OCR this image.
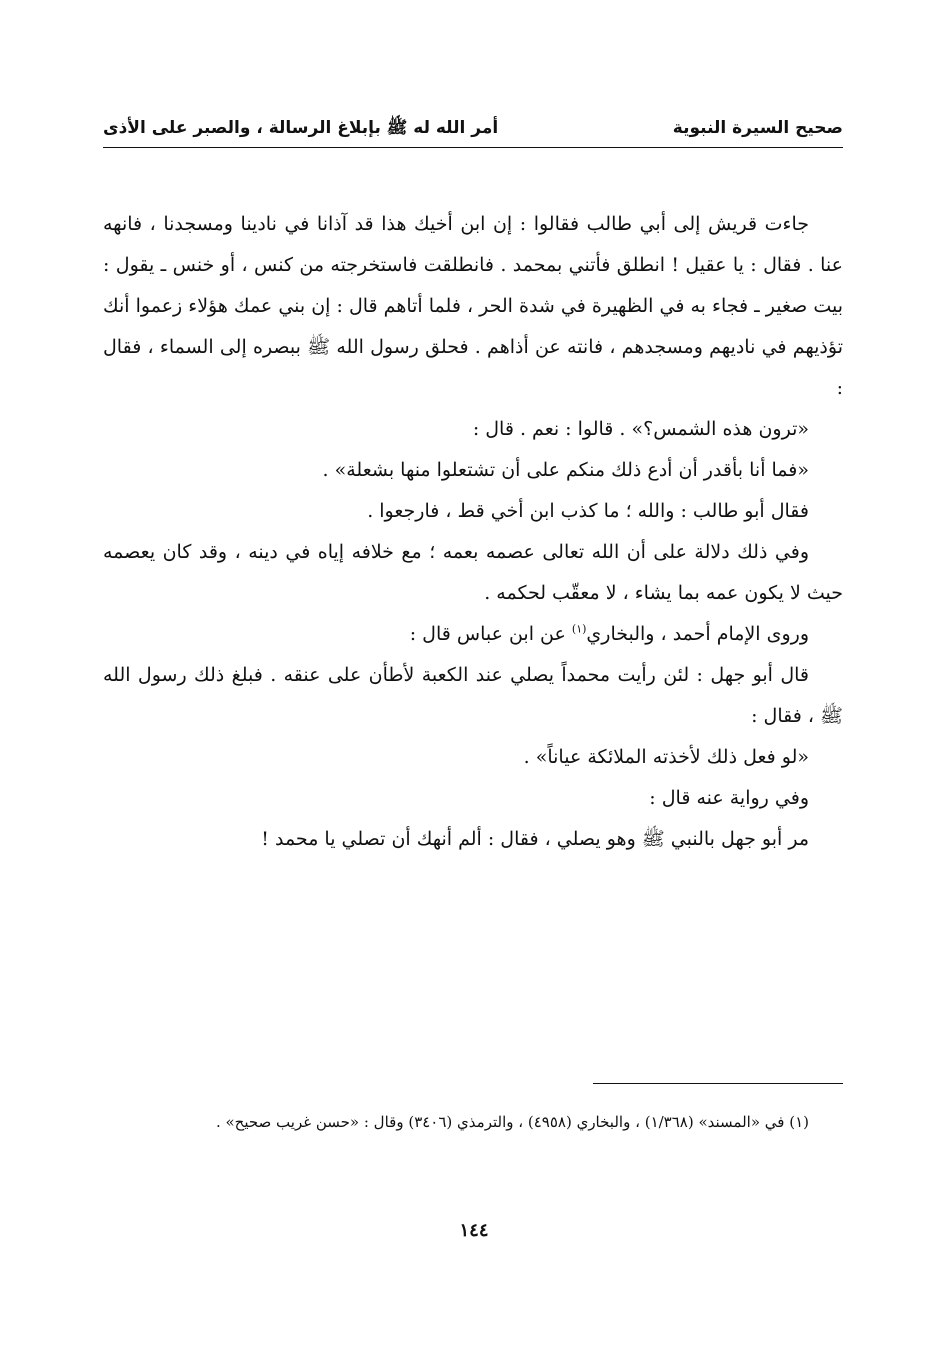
صحيح السيرة النبوية
أمر الله له ﷺ بإبلاغ الرسالة ، والصبر على الأذى

جاءت قريش إلى أبي طالب فقالوا : إن ابن أخيك هذا قد آذانا في نادينا ومسجدنا ، فانهه عنا . فقال : يا عقيل ! انطلق فأتني بمحمد . فانطلقت فاستخرجته من كنس ، أو خنس ـ يقول : بيت صغير ـ فجاء به في الظهيرة في شدة الحر ، فلما أتاهم قال : إن بني عمك هؤلاء زعموا أنك تؤذيهم في ناديهم ومسجدهم ، فانته عن أذاهم . فحلق رسول الله ﷺ ببصره إلى السماء ، فقال :

«ترون هذه الشمس؟» . قالوا : نعم . قال :

«فما أنا بأقدر أن أدع ذلك منكم على أن تشتعلوا منها بشعلة» .

فقال أبو طالب : والله ؛ ما كذب ابن أخي قط ، فارجعوا .

وفي ذلك دلالة على أن الله تعالى عصمه بعمه ؛ مع خلافه إياه في دينه ، وقد كان يعصمه حيث لا يكون عمه بما يشاء ، لا معقّب لحكمه .

وروى الإمام أحمد ، والبخاري$^{(١)}$ عن ابن عباس قال :

قال أبو جهل : لئن رأيت محمداً يصلي عند الكعبة لأطأن على عنقه . فبلغ ذلك رسول الله ﷺ ، فقال :

«لو فعل ذلك لأخذته الملائكة عياناً» .

وفي رواية عنه قال :

مر أبو جهل بالنبي ﷺ وهو يصلي ، فقال : ألم أنهك أن تصلي يا محمد !

(١) في «المسند» (١/٣٦٨) ، والبخاري (٤٩٥٨) ، والترمذي (٣٤٠٦) وقال : «حسن غريب صحيح» .

١٤٤
